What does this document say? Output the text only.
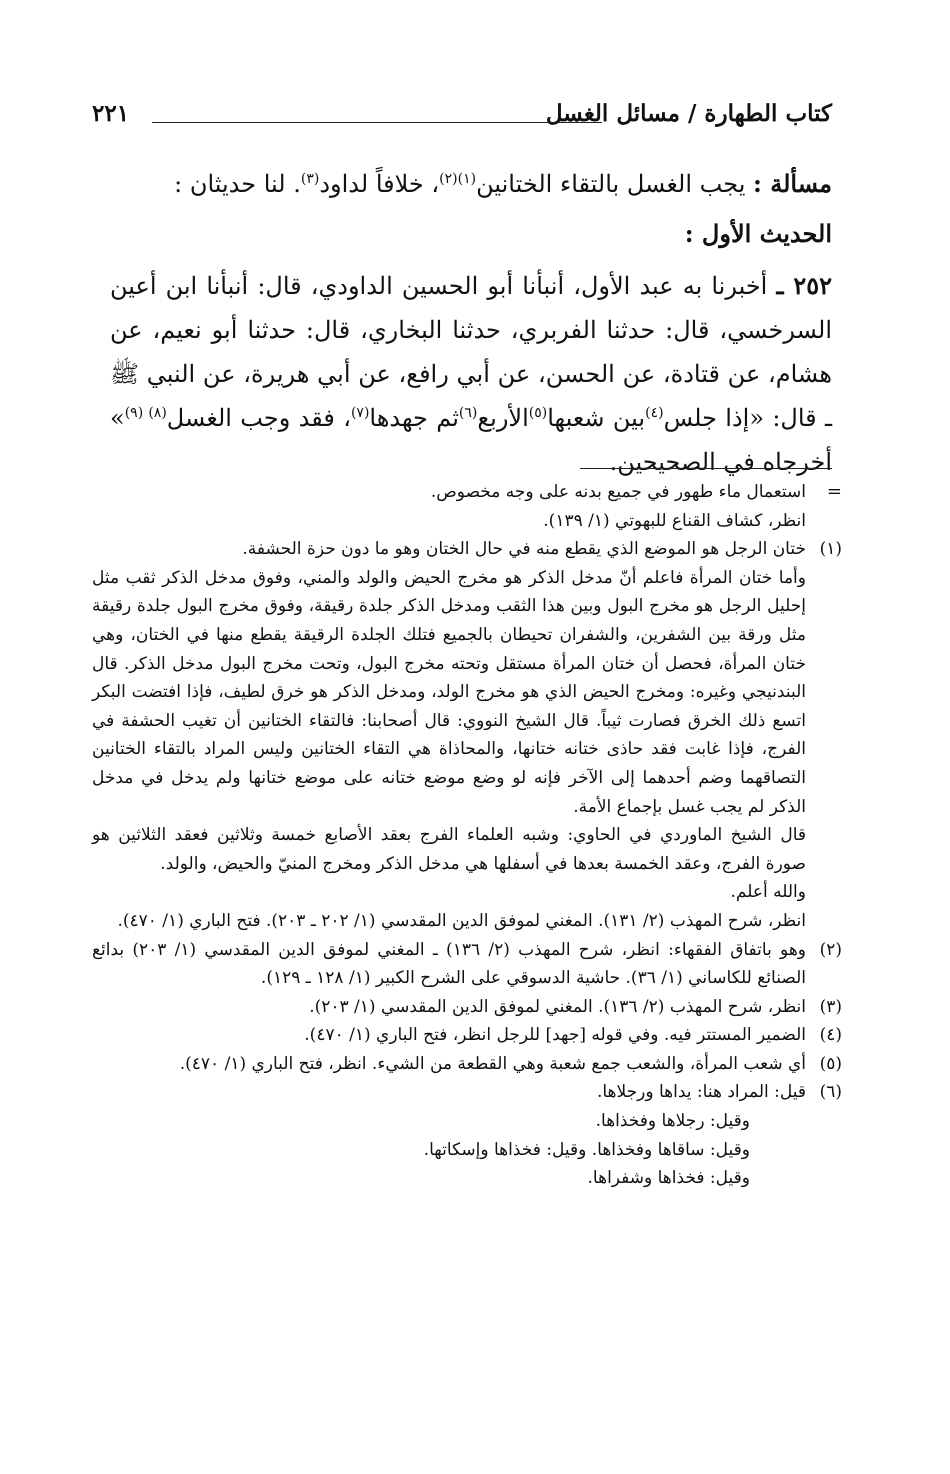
كتاب الطهارة / مسائل الغسل
٢٢١

مسألة : يجب الغسل بالتقاء الختانين$^{(١)(٢)}$، خلافاً لداود$^{(٣)}$. لنا حديثان :

الحديث الأول :

٢٥٢ ـ أخبرنا به عبد الأول، أنبأنا أبو الحسين الداودي، قال: أنبأنا ابن أعين السرخسي، قال: حدثنا الفربري، حدثنا البخاري، قال: حدثنا أبو نعيم، عن هشام، عن قتادة، عن الحسن، عن أبي رافع، عن أبي هريرة، عن النبي ﷺ ـ قال: «إذا جلس$^{(٤)}$بين شعبها$^{(٥)}$الأربع$^{(٦)}$ثم جهدها$^{(٧)}$، فقد وجب الغسل$^{(٨) (٩)}$» أخرجاه في الصحيحين.

=

استعمال ماء طهور في جميع بدنه على وجه مخصوص.

انظر، كشاف القناع للبهوتي (١/ ١٣٩).

(١)

ختان الرجل هو الموضع الذي يقطع منه في حال الختان وهو ما دون حزة الحشفة.

وأما ختان المرأة فاعلم أنّ مدخل الذكر هو مخرج الحيض والولد والمني، وفوق مدخل الذكر ثقب مثل إحليل الرجل هو مخرج البول وبين هذا الثقب ومدخل الذكر جلدة رقيقة، وفوق مخرج البول جلدة رقيقة مثل ورقة بين الشفرين، والشفران تحيطان بالجميع فتلك الجلدة الرقيقة يقطع منها في الختان، وهي ختان المرأة، فحصل أن ختان المرأة مستقل وتحته مخرج البول، وتحت مخرج البول مدخل الذكر. قال البندنيجي وغيره: ومخرج الحيض الذي هو مخرج الولد، ومدخل الذكر هو خرق لطيف، فإذا افتضت البكر اتسع ذلك الخرق فصارت ثيباً. قال الشيخ النووي: قال أصحابنا: فالتقاء الختانين أن تغيب الحشفة في الفرج، فإذا غابت فقد حاذى ختانه ختانها، والمحاذاة هي التقاء الختانين وليس المراد بالتقاء الختانين التصاقهما وضم أحدهما إلى الآخر فإنه لو وضع موضع ختانه على موضع ختانها ولم يدخل في مدخل الذكر لم يجب غسل بإجماع الأمة.

قال الشيخ الماوردي في الحاوي: وشبه العلماء الفرج بعقد الأصابع خمسة وثلاثين فعقد الثلاثين هو صورة الفرج، وعقد الخمسة بعدها في أسفلها هي مدخل الذكر ومخرج المنيّ والحيض، والولد.

والله أعلم.

انظر، شرح المهذب (٢/ ١٣١). المغني لموفق الدين المقدسي (١/ ٢٠٢ ـ ٢٠٣). فتح الباري (١/ ٤٧٠).

(٢)

وهو باتفاق الفقهاء: انظر، شرح المهذب (٢/ ١٣٦) ـ المغني لموفق الدين المقدسي (١/ ٢٠٣) بدائع الصنائع للكاساني (١/ ٣٦). حاشية الدسوقي على الشرح الكبير (١/ ١٢٨ ـ ١٢٩).

(٣)

انظر، شرح المهذب (٢/ ١٣٦). المغني لموفق الدين المقدسي (١/ ٢٠٣).

(٤)

الضمير المستتر فيه. وفي قوله [جهد] للرجل انظر، فتح الباري (١/ ٤٧٠).

(٥)

أي شعب المرأة، والشعب جمع شعبة وهي القطعة من الشيء. انظر، فتح الباري (١/ ٤٧٠).

(٦)

قيل: المراد هنا: يداها ورجلاها.

وقيل: رجلاها وفخذاها.

وقيل: ساقاها وفخذاها. وقيل: فخذاها وإسكاتها.

وقيل: فخذاها وشفراها.
